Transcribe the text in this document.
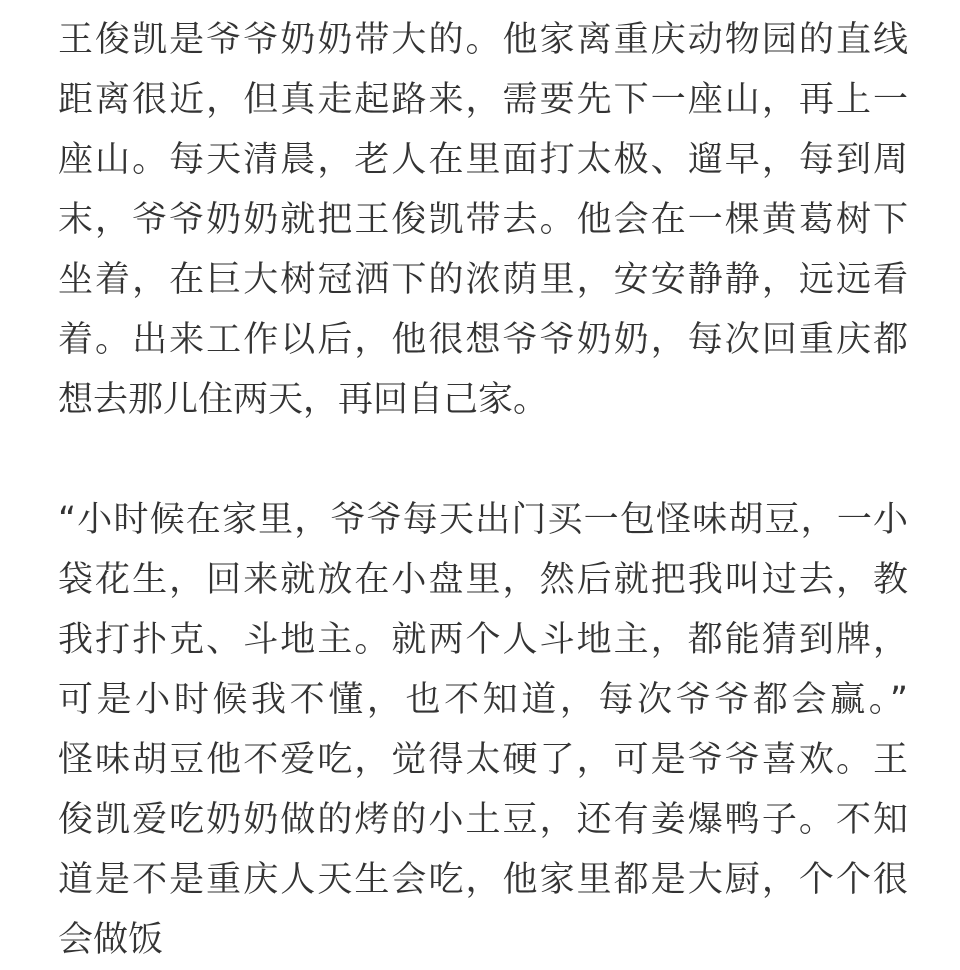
王俊凯是爷爷奶奶带大的。他家离重庆动物园的直线
距离很近，但真走起路来，需要先下一座山，再上一
座山。每天清晨，老人在里面打太极、遛早，每到周
末，爷爷奶奶就把王俊凯带去。他会在一棵黄葛树下
坐着，在巨大树冠洒下的浓荫里，安安静静，远远看
着。出来工作以后，他很想爷爷奶奶，每次回重庆都
想去那儿住两天，再回自己家。
“小时候在家里，爷爷每天出门买一包怪味胡豆，一小
袋花生，回来就放在小盘里，然后就把我叫过去，教
我打扑克、斗地主。就两个人斗地主，都能猜到牌，
可是小时候我不懂，也不知道，每次爷爷都会赢。”
怪味胡豆他不爱吃，觉得太硬了，可是爷爷喜欢。王
俊凯爱吃奶奶做的烤的小土豆，还有姜爆鸭子。不知
道是不是重庆人天生会吃，他家里都是大厨，个个很
会做饭
